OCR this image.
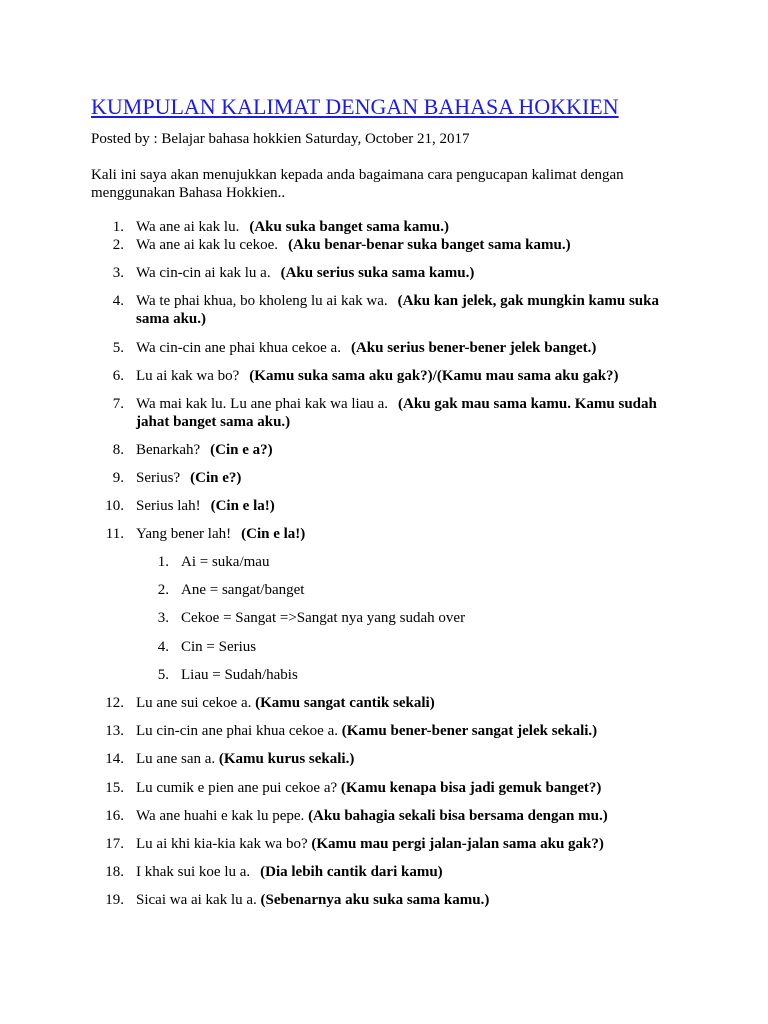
KUMPULAN KALIMAT DENGAN BAHASA HOKKIEN

Posted by : Belajar bahasa hokkien Saturday, October 21, 2017

Kali ini saya akan menujukkan kepada anda bagaimana cara pengucapan kalimat dengan menggunakan Bahasa Hokkien..

1. Wa ane ai kak lu. (Aku suka banget sama kamu.)
2. Wa ane ai kak lu cekoe. (Aku benar-benar suka banget sama kamu.)
3. Wa cin-cin ai kak lu a. (Aku serius suka sama kamu.)
4. Wa te phai khua, bo kholeng lu ai kak wa. (Aku kan jelek, gak mungkin kamu suka sama aku.)
5. Wa cin-cin ane phai khua cekoe a. (Aku serius bener-bener jelek banget.)
6. Lu ai kak wa bo? (Kamu suka sama aku gak?)/(Kamu mau sama aku gak?)
7. Wa mai kak lu. Lu ane phai kak wa liau a. (Aku gak mau sama kamu. Kamu sudah jahat banget sama aku.)
8. Benarkah? (Cin e a?)
9. Serius? (Cin e?)
10. Serius lah! (Cin e la!)
11. Yang bener lah! (Cin e la!)
1. Ai = suka/mau
2. Ane = sangat/banget
3. Cekoe = Sangat =>Sangat nya yang sudah over
4. Cin = Serius
5. Liau = Sudah/habis
12. Lu ane sui cekoe a. (Kamu sangat cantik sekali)
13. Lu cin-cin ane phai khua cekoe a. (Kamu bener-bener sangat jelek sekali.)
14. Lu ane san a. (Kamu kurus sekali.)
15. Lu cumik e pien ane pui cekoe a? (Kamu kenapa bisa jadi gemuk banget?)
16. Wa ane huahi e kak lu pepe. (Aku bahagia sekali bisa bersama dengan mu.)
17. Lu ai khi kia-kia kak wa bo? (Kamu mau pergi jalan-jalan sama aku gak?)
18. I khak sui koe lu a. (Dia lebih cantik dari kamu)
19. Sicai wa ai kak lu a. (Sebenarnya aku suka sama kamu.)
